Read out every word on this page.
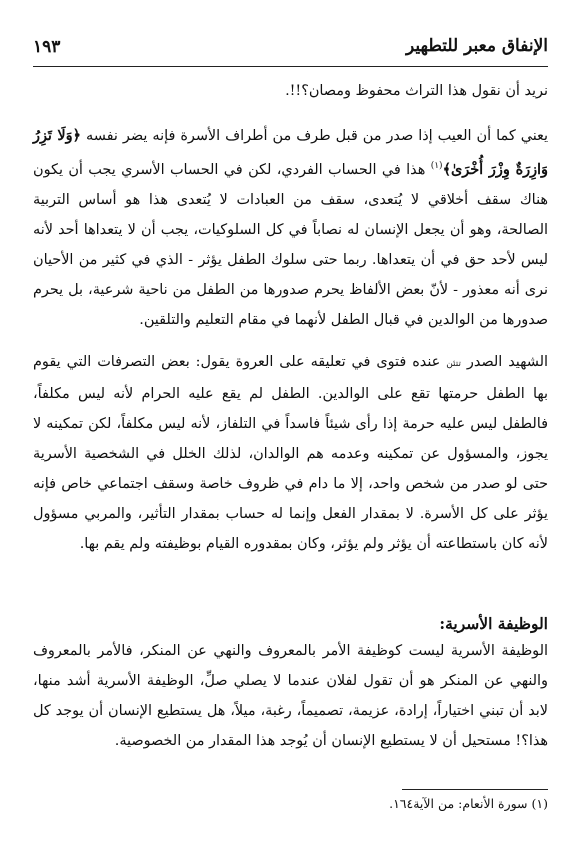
الإنفاق معبر للتطهير
١٩٣

نريد أن نقول هذا التراث محفوظ ومصان؟!!.

يعني كما أن العيب إذا صدر من قبل طرف من أطراف الأسرة فإنه يضر نفسه ﴿وَلَا تَزِرُ وَازِرَةٌ وِزْرَ أُخْرَىٰ﴾$^{(١)}$ هذا في الحساب الفردي، لكن في الحساب الأسري يجب أن يكون هناك سقف أخلاقي لا يُتعدى، سقف من العبادات لا يُتعدى هذا هو أساس التربية الصالحة، وهو أن يجعل الإنسان له نصاباً في كل السلوكيات، يجب أن لا يتعداها أحد لأنه ليس لأحد حق في أن يتعداها. ربما حتى سلوك الطفل يؤثر - الذي في كثير من الأحيان نرى أنه معذور - لأنّ بعض الألفاظ يحرم صدورها من الطفل من ناحية شرعية، بل يحرم صدورها من الوالدين في قبال الطفل لأنهما في مقام التعليم والتلقين.

الشهيد الصدر تتئن عنده فتوى في تعليقه على العروة يقول: بعض التصرفات التي يقوم بها الطفل حرمتها تقع على الوالدين. الطفل لم يقع عليه الحرام لأنه ليس مكلفاً، فالطفل ليس عليه حرمة إذا رأى شيئاً فاسداً في التلفاز، لأنه ليس مكلفاً، لكن تمكينه لا يجوز، والمسؤول عن تمكينه وعدمه هم الوالدان، لذلك الخلل في الشخصية الأسرية حتى لو صدر من شخص واحد، إلا ما دام في ظروف خاصة وسقف اجتماعي خاص فإنه يؤثر على كل الأسرة. لا بمقدار الفعل وإنما له حساب بمقدار التأثير، والمربي مسؤول لأنه كان باستطاعته أن يؤثر ولم يؤثر، وكان بمقدوره القيام بوظيفته ولم يقم بها.

الوظيفة الأسرية:

الوظيفة الأسرية ليست كوظيفة الأمر بالمعروف والنهي عن المنكر، فالأمر بالمعروف والنهي عن المنكر هو أن تقول لفلان عندما لا يصلي صلِّ، الوظيفة الأسرية أشد منها، لابد أن تبني اختياراً، إرادة، عزيمة، تصميماً، رغبة، ميلاً، هل يستطيع الإنسان أن يوجد كل هذا؟! مستحيل أن لا يستطيع الإنسان أن يُوجد هذا المقدار من الخصوصية.

(١) سورة الأنعام: من الآية١٦٤.
